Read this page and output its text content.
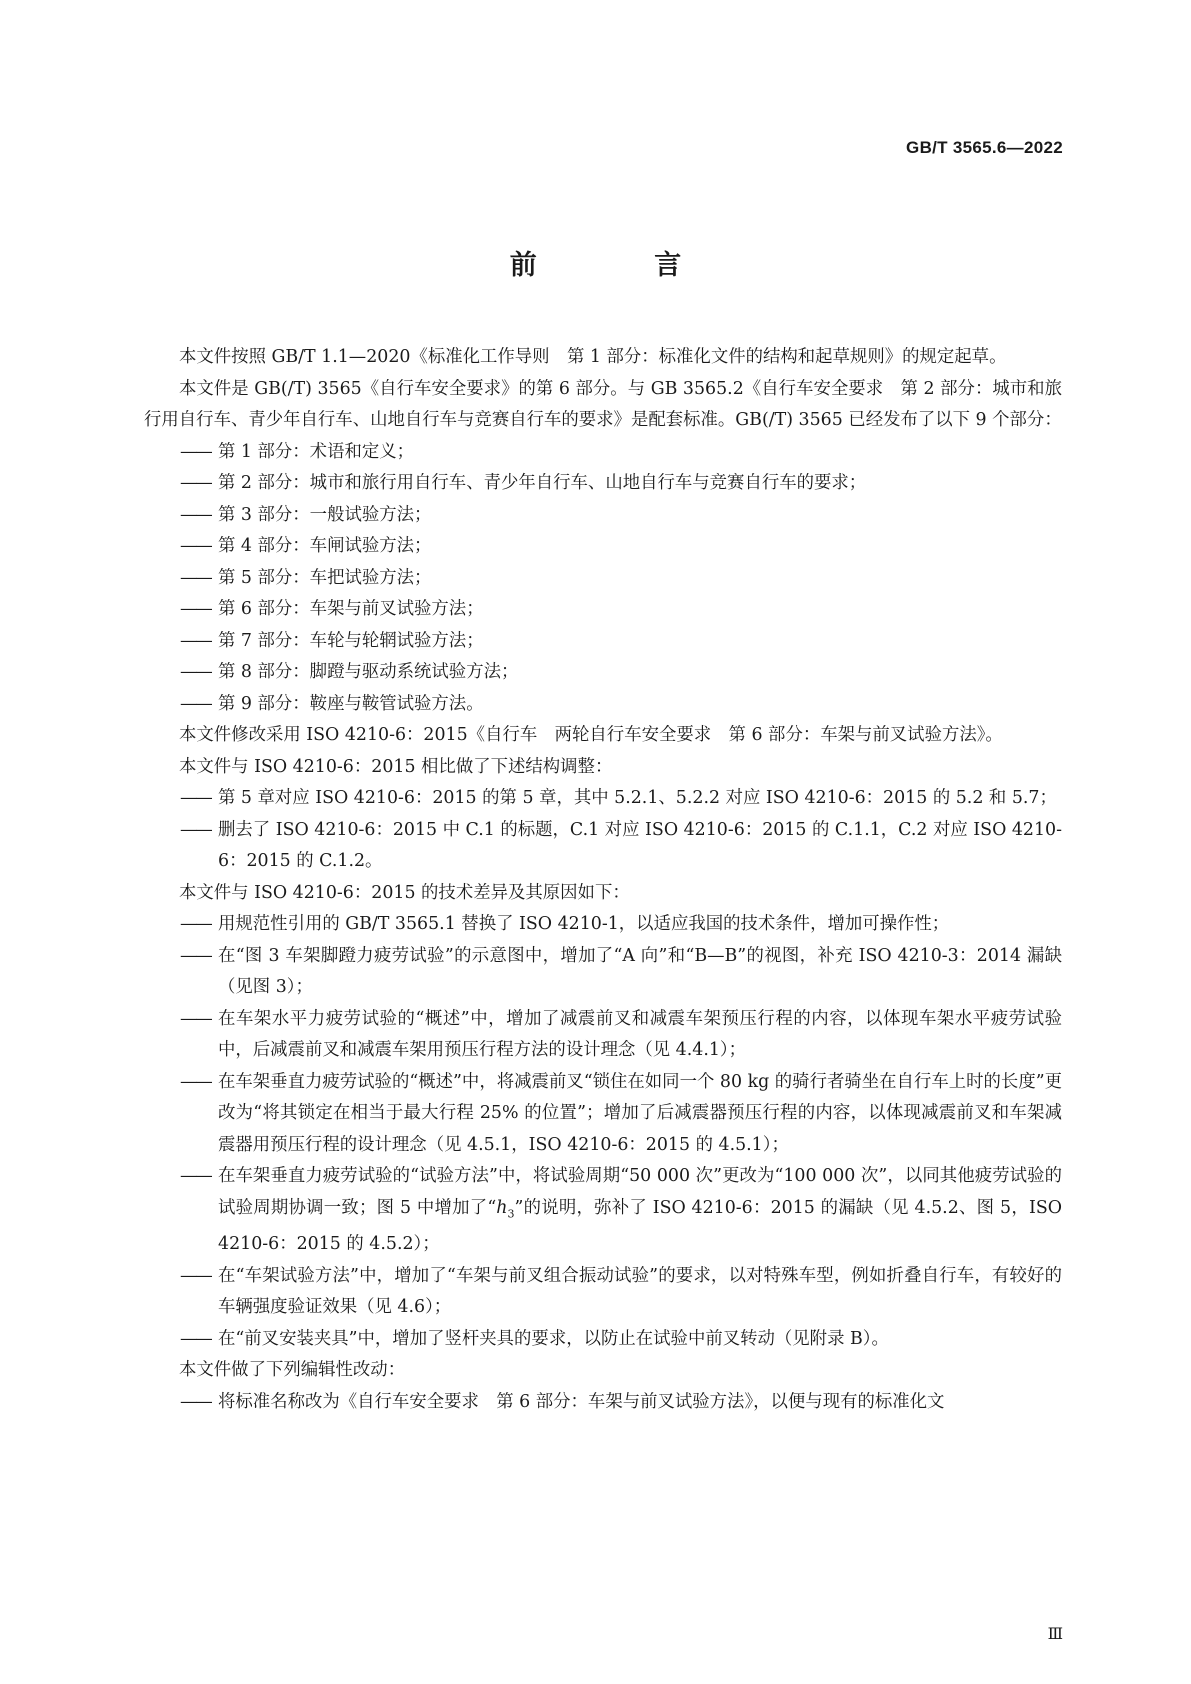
GB/T 3565.6—2022
前 言

本文件按照 GB/T 1.1—2020《标准化工作导则　第 1 部分：标准化文件的结构和起草规则》的规定起草。

本文件是 GB(/T) 3565《自行车安全要求》的第 6 部分。与 GB 3565.2《自行车安全要求　第 2 部分：城市和旅行用自行车、青少年自行车、山地自行车与竞赛自行车的要求》是配套标准。GB(/T) 3565 已经发布了以下 9 个部分：

——
第 1 部分：术语和定义；

——
第 2 部分：城市和旅行用自行车、青少年自行车、山地自行车与竞赛自行车的要求；

——
第 3 部分：一般试验方法；

——
第 4 部分：车闸试验方法；

——
第 5 部分：车把试验方法；

——
第 6 部分：车架与前叉试验方法；

——
第 7 部分：车轮与轮辋试验方法；

——
第 8 部分：脚蹬与驱动系统试验方法；

——
第 9 部分：鞍座与鞍管试验方法。

本文件修改采用 ISO 4210-6：2015《自行车　两轮自行车安全要求　第 6 部分：车架与前叉试验方法》。

本文件与 ISO 4210-6：2015 相比做了下述结构调整：

——
第 5 章对应 ISO 4210-6：2015 的第 5 章，其中 5.2.1、5.2.2 对应 ISO 4210-6：2015 的 5.2 和 5.7；

——
删去了 ISO 4210-6：2015 中 C.1 的标题，C.1 对应 ISO 4210-6：2015 的 C.1.1，C.2 对应 ISO 4210-6：2015 的 C.1.2。

本文件与 ISO 4210-6：2015 的技术差异及其原因如下：

——
用规范性引用的 GB/T 3565.1 替换了 ISO 4210-1，以适应我国的技术条件，增加可操作性；

——
在“图 3 车架脚蹬力疲劳试验”的示意图中，增加了“A 向”和“B—B”的视图，补充 ISO 4210-3：2014 漏缺（见图 3）；

——
在车架水平力疲劳试验的“概述”中，增加了减震前叉和减震车架预压行程的内容，以体现车架水平疲劳试验中，后减震前叉和减震车架用预压行程方法的设计理念（见 4.4.1）；

——
在车架垂直力疲劳试验的“概述”中，将减震前叉“锁住在如同一个 80 kg 的骑行者骑坐在自行车上时的长度”更改为“将其锁定在相当于最大行程 25% 的位置”；增加了后减震器预压行程的内容，以体现减震前叉和车架减震器用预压行程的设计理念（见 4.5.1，ISO 4210-6：2015 的 4.5.1）；

——
在车架垂直力疲劳试验的“试验方法”中，将试验周期“50 000 次”更改为“100 000 次”，以同其他疲劳试验的试验周期协调一致；图 5 中增加了“$h_3$”的说明，弥补了 ISO 4210-6：2015 的漏缺（见 4.5.2、图 5，ISO 4210-6：2015 的 4.5.2）；

——
在“车架试验方法”中，增加了“车架与前叉组合振动试验”的要求，以对特殊车型，例如折叠自行车，有较好的车辆强度验证效果（见 4.6）；

——
在“前叉安装夹具”中，增加了竖杆夹具的要求，以防止在试验中前叉转动（见附录 B）。

本文件做了下列编辑性改动：

——
将标准名称改为《自行车安全要求　第 6 部分：车架与前叉试验方法》，以便与现有的标准化文

Ⅲ
